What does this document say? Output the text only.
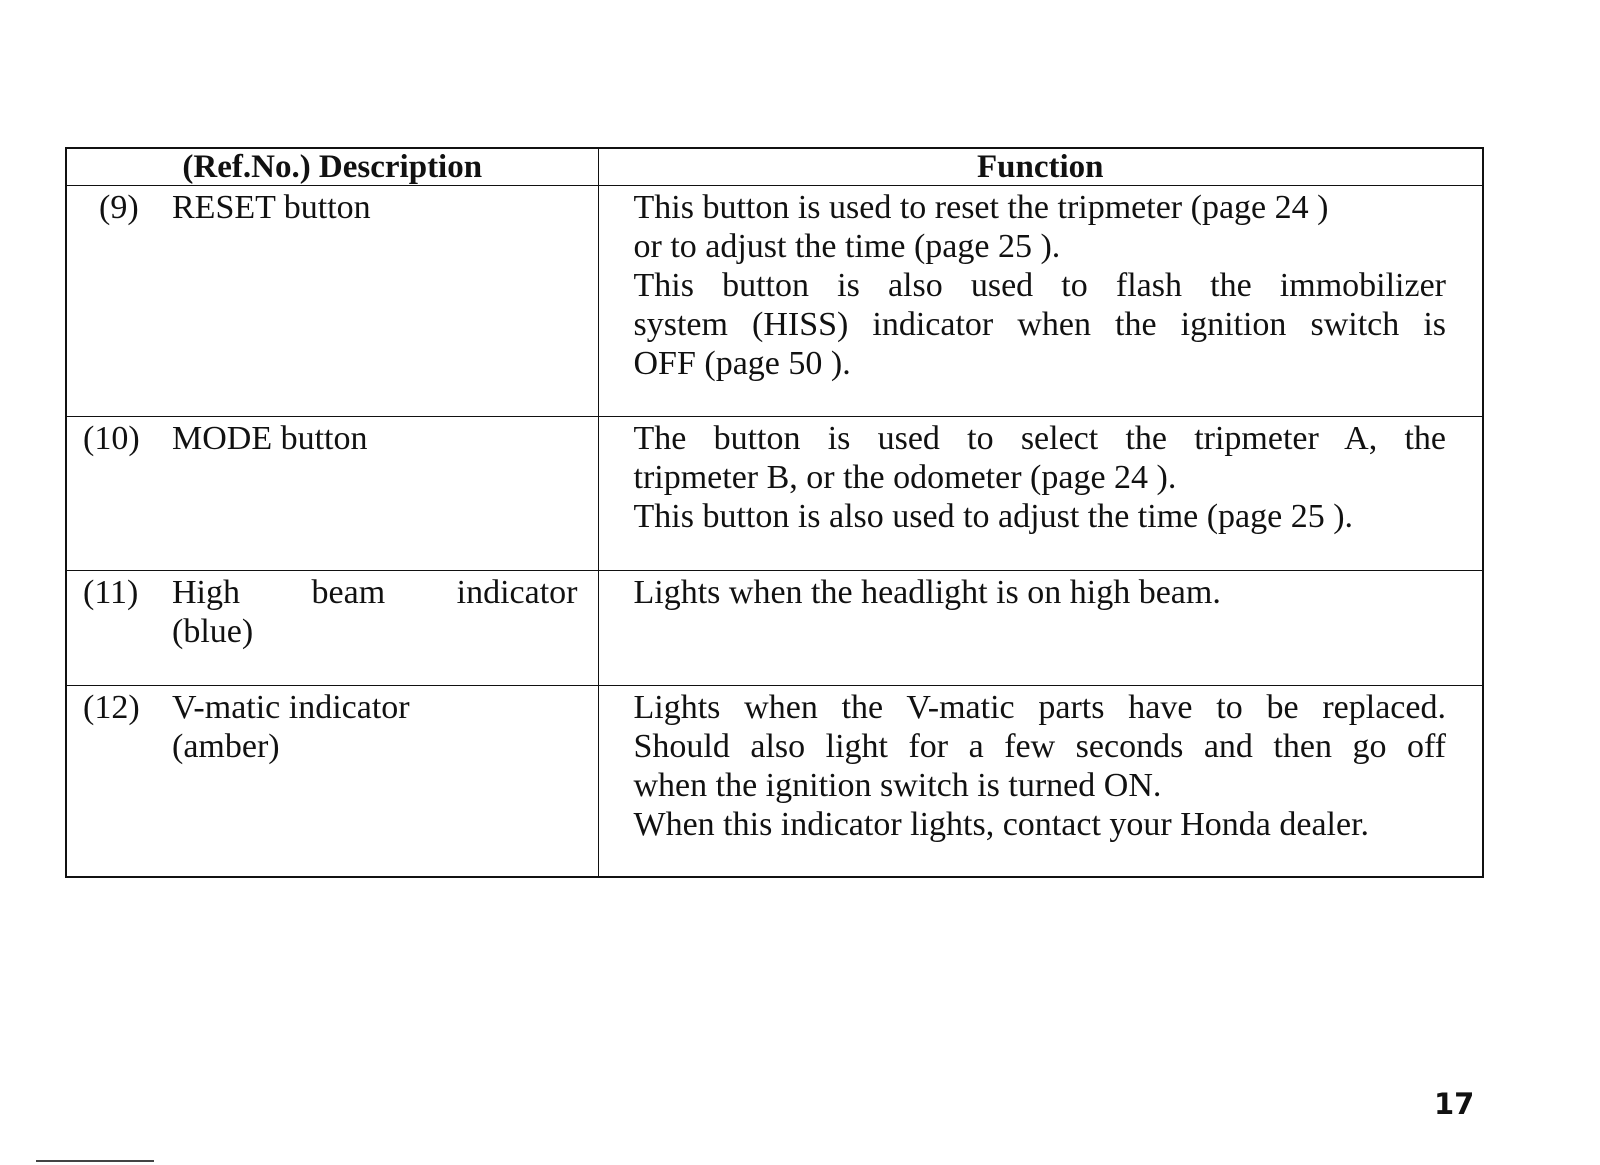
(Ref.No.) Description	Function

(9) RESET button	This button is used to reset the tripmeter (page 24 )
or to adjust the time (page 25 ).
This button is also used to flash the immobilizer
system (HISS) indicator when the ignition switch is
OFF (page 50 ).

(10) MODE button	The button is used to select the tripmeter A, the
tripmeter B, or the odometer (page 24 ).
This button is also used to adjust the time (page 25 ).

(11) High beam indicator
(blue)	Lights when the headlight is on high beam.

(12) V-matic indicator
(amber)	Lights when the V-matic parts have to be replaced.
Should also light for a few seconds and then go off
when the ignition switch is turned ON.
When this indicator lights, contact your Honda dealer.
17
